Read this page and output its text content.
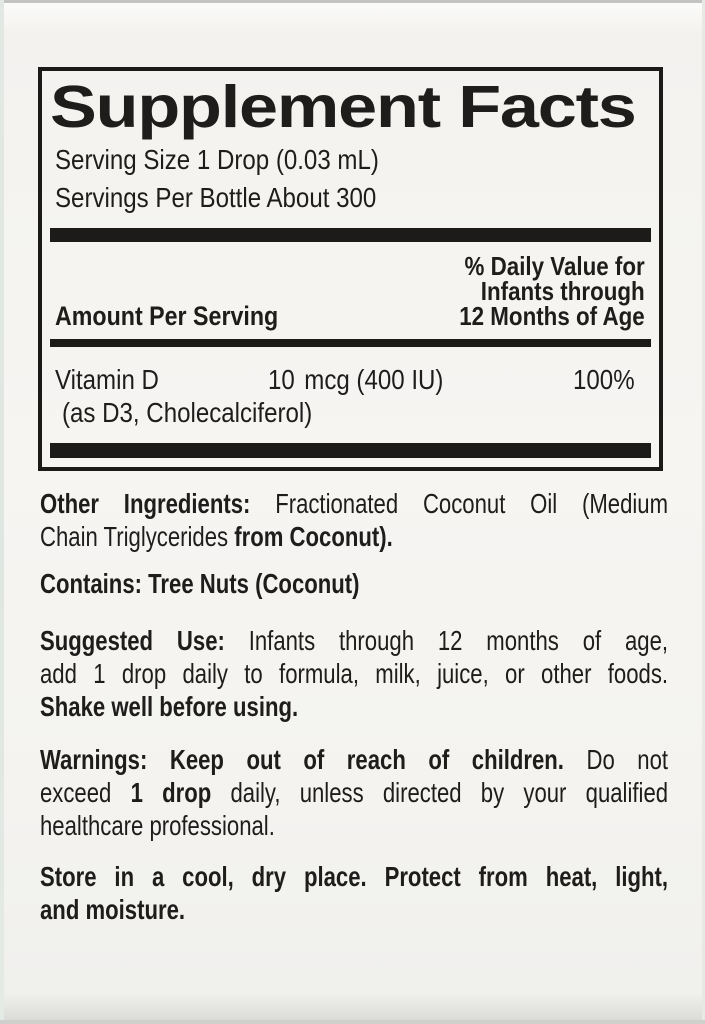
Supplement Facts
Serving Size 1 Drop (0.03 mL)
Servings Per Bottle About 300
% Daily Value for
Infants through
12 Months of Age
Amount Per Serving
Vitamin D	10 mcg (400 IU)	100%
(as D3, Cholecalciferol)
Other Ingredients: Fractionated Coconut Oil (Medium
Chain Triglycerides from Coconut).
Contains: Tree Nuts (Coconut)
Suggested Use: Infants through 12 months of age,
add 1 drop daily to formula, milk, juice, or other foods.
Shake well before using.
Warnings: Keep out of reach of children. Do not
exceed 1 drop daily, unless directed by your qualified
healthcare professional.
Store in a cool, dry place. Protect from heat, light,
and moisture.
